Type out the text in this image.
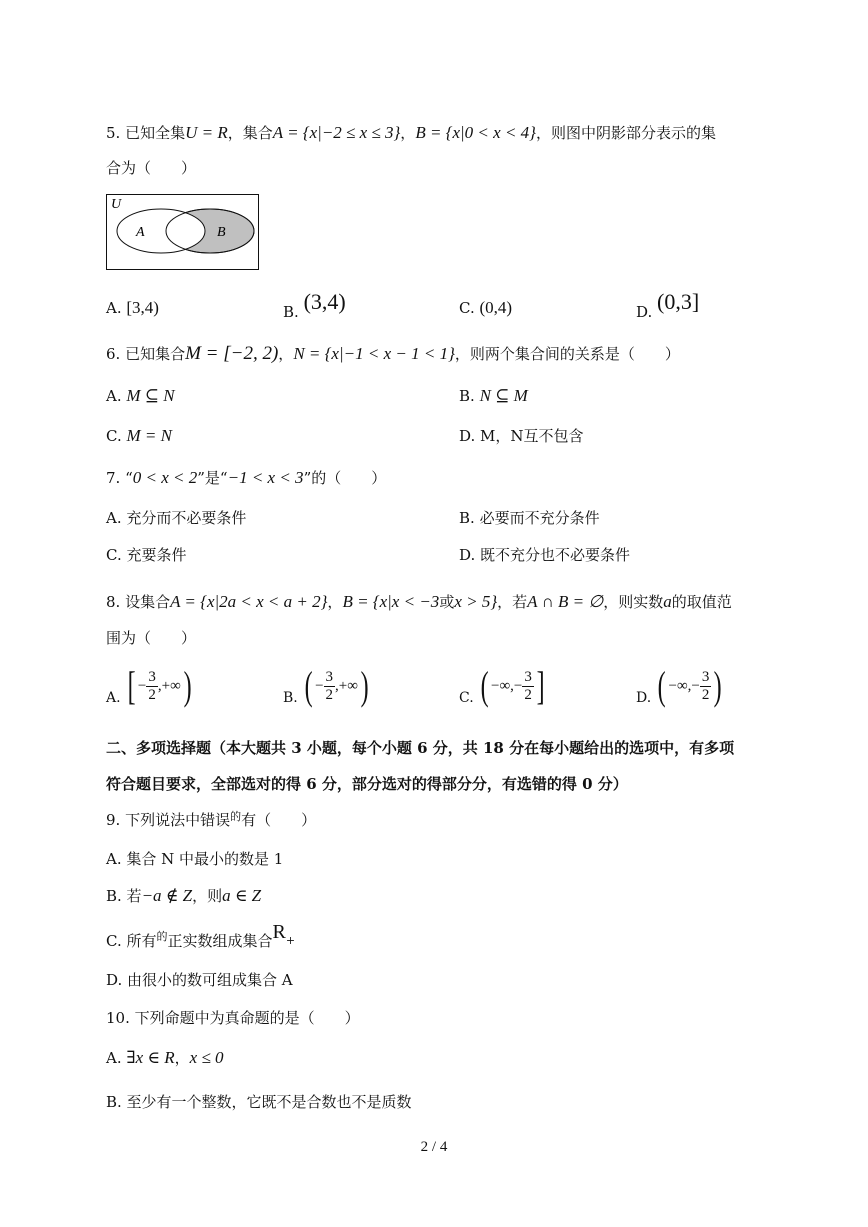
5. 已知全集U = R，集合A = {x|−2 ≤ x ≤ 3}，B = {x|0 < x < 4}，则图中阴影部分表示的集
合为（　　）
U
A	B
A. [3,4)	B. (3,4)	C. (0,4)	D. (0,3]
6. 已知集合M = [−2, 2)，N = {x|−1 < x − 1 < 1}，则两个集合间的关系是（　　）
A. M ⊆ N	B. N ⊆ M
C. M = N	D. M，N互不包含
7. “0 < x < 2”是“−1 < x < 3”的（　　）
A. 充分而不必要条件	B. 必要而不充分条件
C. 充要条件	D. 既不充分也不必要条件
8. 设集合A = {x|2a < x < a + 2}，B = {x|x < −3或x > 5}，若A ∩ B = ∅，则实数a的取值范
围为（　　）
A. [ − $\frac{3}{2}$ ,+∞ )	B. ( − $\frac{3}{2}$ ,+∞ )	C. ( −∞,− $\frac{3}{2}$ ]	D. ( −∞,− $\frac{3}{2}$ )
二、多项选择题（本大题共 3 小题，每个小题 6 分，共 18 分在每小题给出的选项中，有多项
符合题目要求，全部选对的得 6 分，部分选对的得部分分，有选错的得 0 分）
9. 下列说法中错误$^的$有（　　）
A. 集合 N 中最小的数是 1
B. 若−a ∉ Z，则a ∈ Z
C. 所有$^的$正实数组成集合R+
D. 由很小的数可组成集合 A
10. 下列命题中为真命题的是（　　）
A. ∃x ∈ R，x ≤ 0
B. 至少有一个整数，它既不是合数也不是质数
2 / 4
